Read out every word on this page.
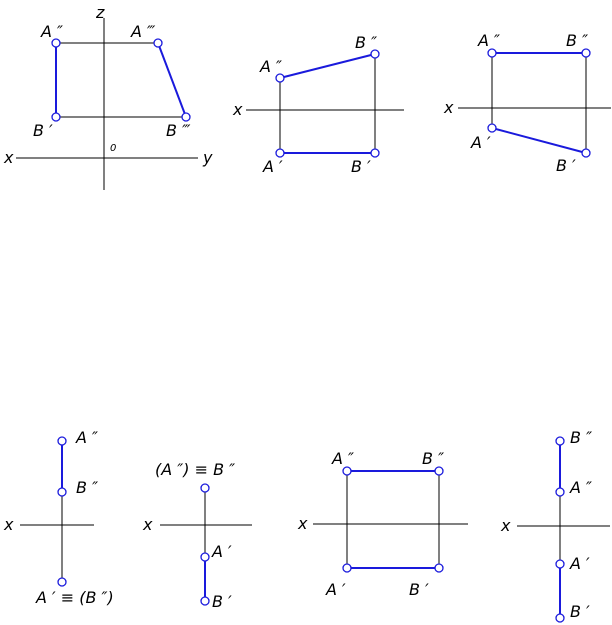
z
x	y
0
A ″	A ‴
B ′	B ‴
x
A ″
B ″
A ′	B ′
x
A ″	B ″
A ′
B ′
x
A ″
B ″
A ′ ≡ (B ″)
x
(A ″) ≡ B ″
A ′
B ′
x
A ″	B ″
A ′	B ′
x
B ″
A ″
A ′
B ′
